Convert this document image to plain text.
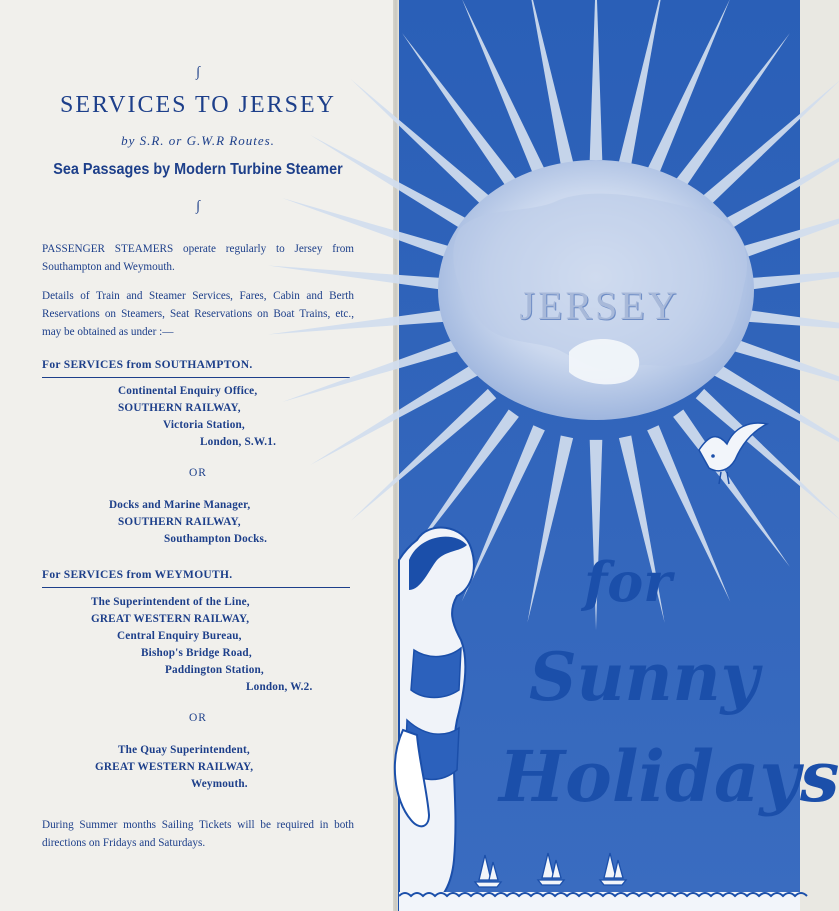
∫
SERVICES TO JERSEY
by S.R. or G.W.R Routes.
Sea Passages by Modern Turbine Steamer
∫
PASSENGER STEAMERS operate regularly to Jersey from Southampton and Weymouth.
Details of Train and Steamer Services, Fares, Cabin and Berth Reservations on Steamers, Seat Reservations on Boat Trains, etc., may be obtained as under :—
For SERVICES from SOUTHAMPTON.
Continental Enquiry Office,
SOUTHERN RAILWAY,
Victoria Station,
London, S.W.1.
OR
Docks and Marine Manager,
SOUTHERN RAILWAY,
Southampton Docks.
For SERVICES from WEYMOUTH.
The Superintendent of the Line,
GREAT WESTERN RAILWAY,
Central Enquiry Bureau,
Bishop's Bridge Road,
Paddington Station,
London, W.2.
OR
The Quay Superintendent,
GREAT WESTERN RAILWAY,
Weymouth.
During Summer months Sailing Tickets will be required in both directions on Fridays and Saturdays.
JERSEY
for
Sunny
Holidays
